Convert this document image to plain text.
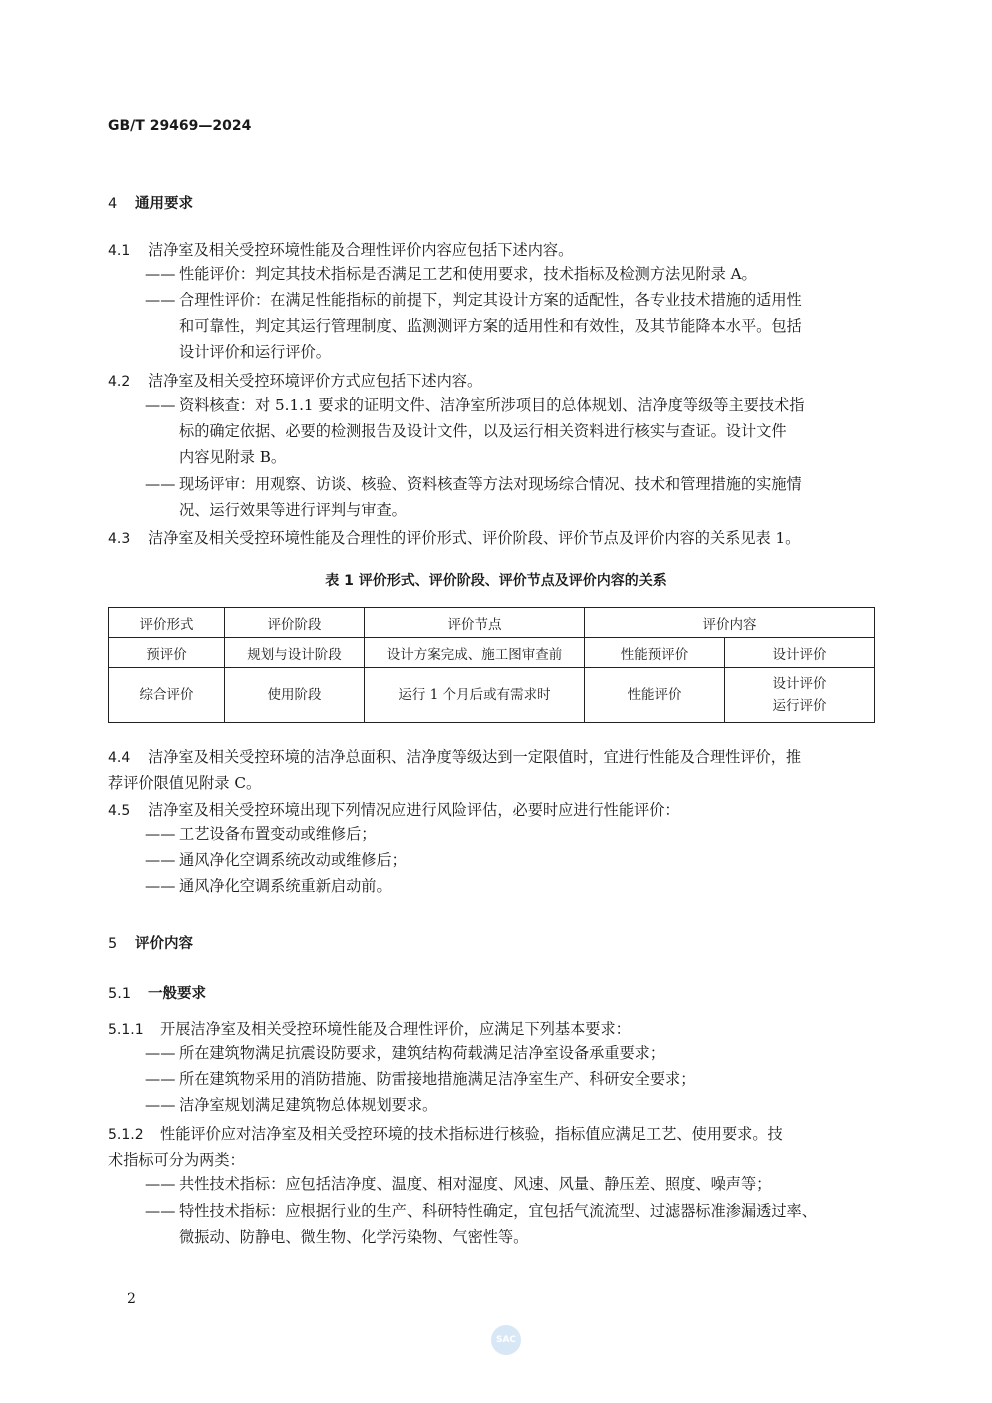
GB/T 29469—2024
4 通用要求
4.1 洁净室及相关受控环境性能及合理性评价内容应包括下述内容。
—— 性能评价：判定其技术指标是否满足工艺和使用要求，技术指标及检测方法见附录 A。
—— 合理性评价：在满足性能指标的前提下，判定其设计方案的适配性，各专业技术措施的适用性
和可靠性，判定其运行管理制度、监测测评方案的适用性和有效性，及其节能降本水平。包括
设计评价和运行评价。
4.2 洁净室及相关受控环境评价方式应包括下述内容。
—— 资料核查：对 5.1.1 要求的证明文件、洁净室所涉项目的总体规划、洁净度等级等主要技术指
标的确定依据、必要的检测报告及设计文件，以及运行相关资料进行核实与查证。设计文件
内容见附录 B。
—— 现场评审：用观察、访谈、核验、资料核查等方法对现场综合情况、技术和管理措施的实施情
况、运行效果等进行评判与审查。
4.3 洁净室及相关受控环境性能及合理性的评价形式、评价阶段、评价节点及评价内容的关系见表 1。
表 1 评价形式、评价阶段、评价节点及评价内容的关系
评价形式	评价阶段	评价节点	评价内容	
预评价	规划与设计阶段	设计方案完成、施工图审查前	性能预评价	设计评价
综合评价	使用阶段	运行 1 个月后或有需求时	性能评价	设计评价
运行评价
4.4 洁净室及相关受控环境的洁净总面积、洁净度等级达到一定限值时，宜进行性能及合理性评价，推
荐评价限值见附录 C。
4.5 洁净室及相关受控环境出现下列情况应进行风险评估，必要时应进行性能评价：
—— 工艺设备布置变动或维修后；
—— 通风净化空调系统改动或维修后；
—— 通风净化空调系统重新启动前。
5 评价内容
5.1 一般要求
5.1.1 开展洁净室及相关受控环境性能及合理性评价，应满足下列基本要求：
—— 所在建筑物满足抗震设防要求，建筑结构荷载满足洁净室设备承重要求；
—— 所在建筑物采用的消防措施、防雷接地措施满足洁净室生产、科研安全要求；
—— 洁净室规划满足建筑物总体规划要求。
5.1.2 性能评价应对洁净室及相关受控环境的技术指标进行核验，指标值应满足工艺、使用要求。技
术指标可分为两类：
—— 共性技术指标：应包括洁净度、温度、相对湿度、风速、风量、静压差、照度、噪声等；
—— 特性技术指标：应根据行业的生产、科研特性确定，宜包括气流流型、过滤器标准渗漏透过率、
微振动、防静电、微生物、化学污染物、气密性等。
2
SAC
